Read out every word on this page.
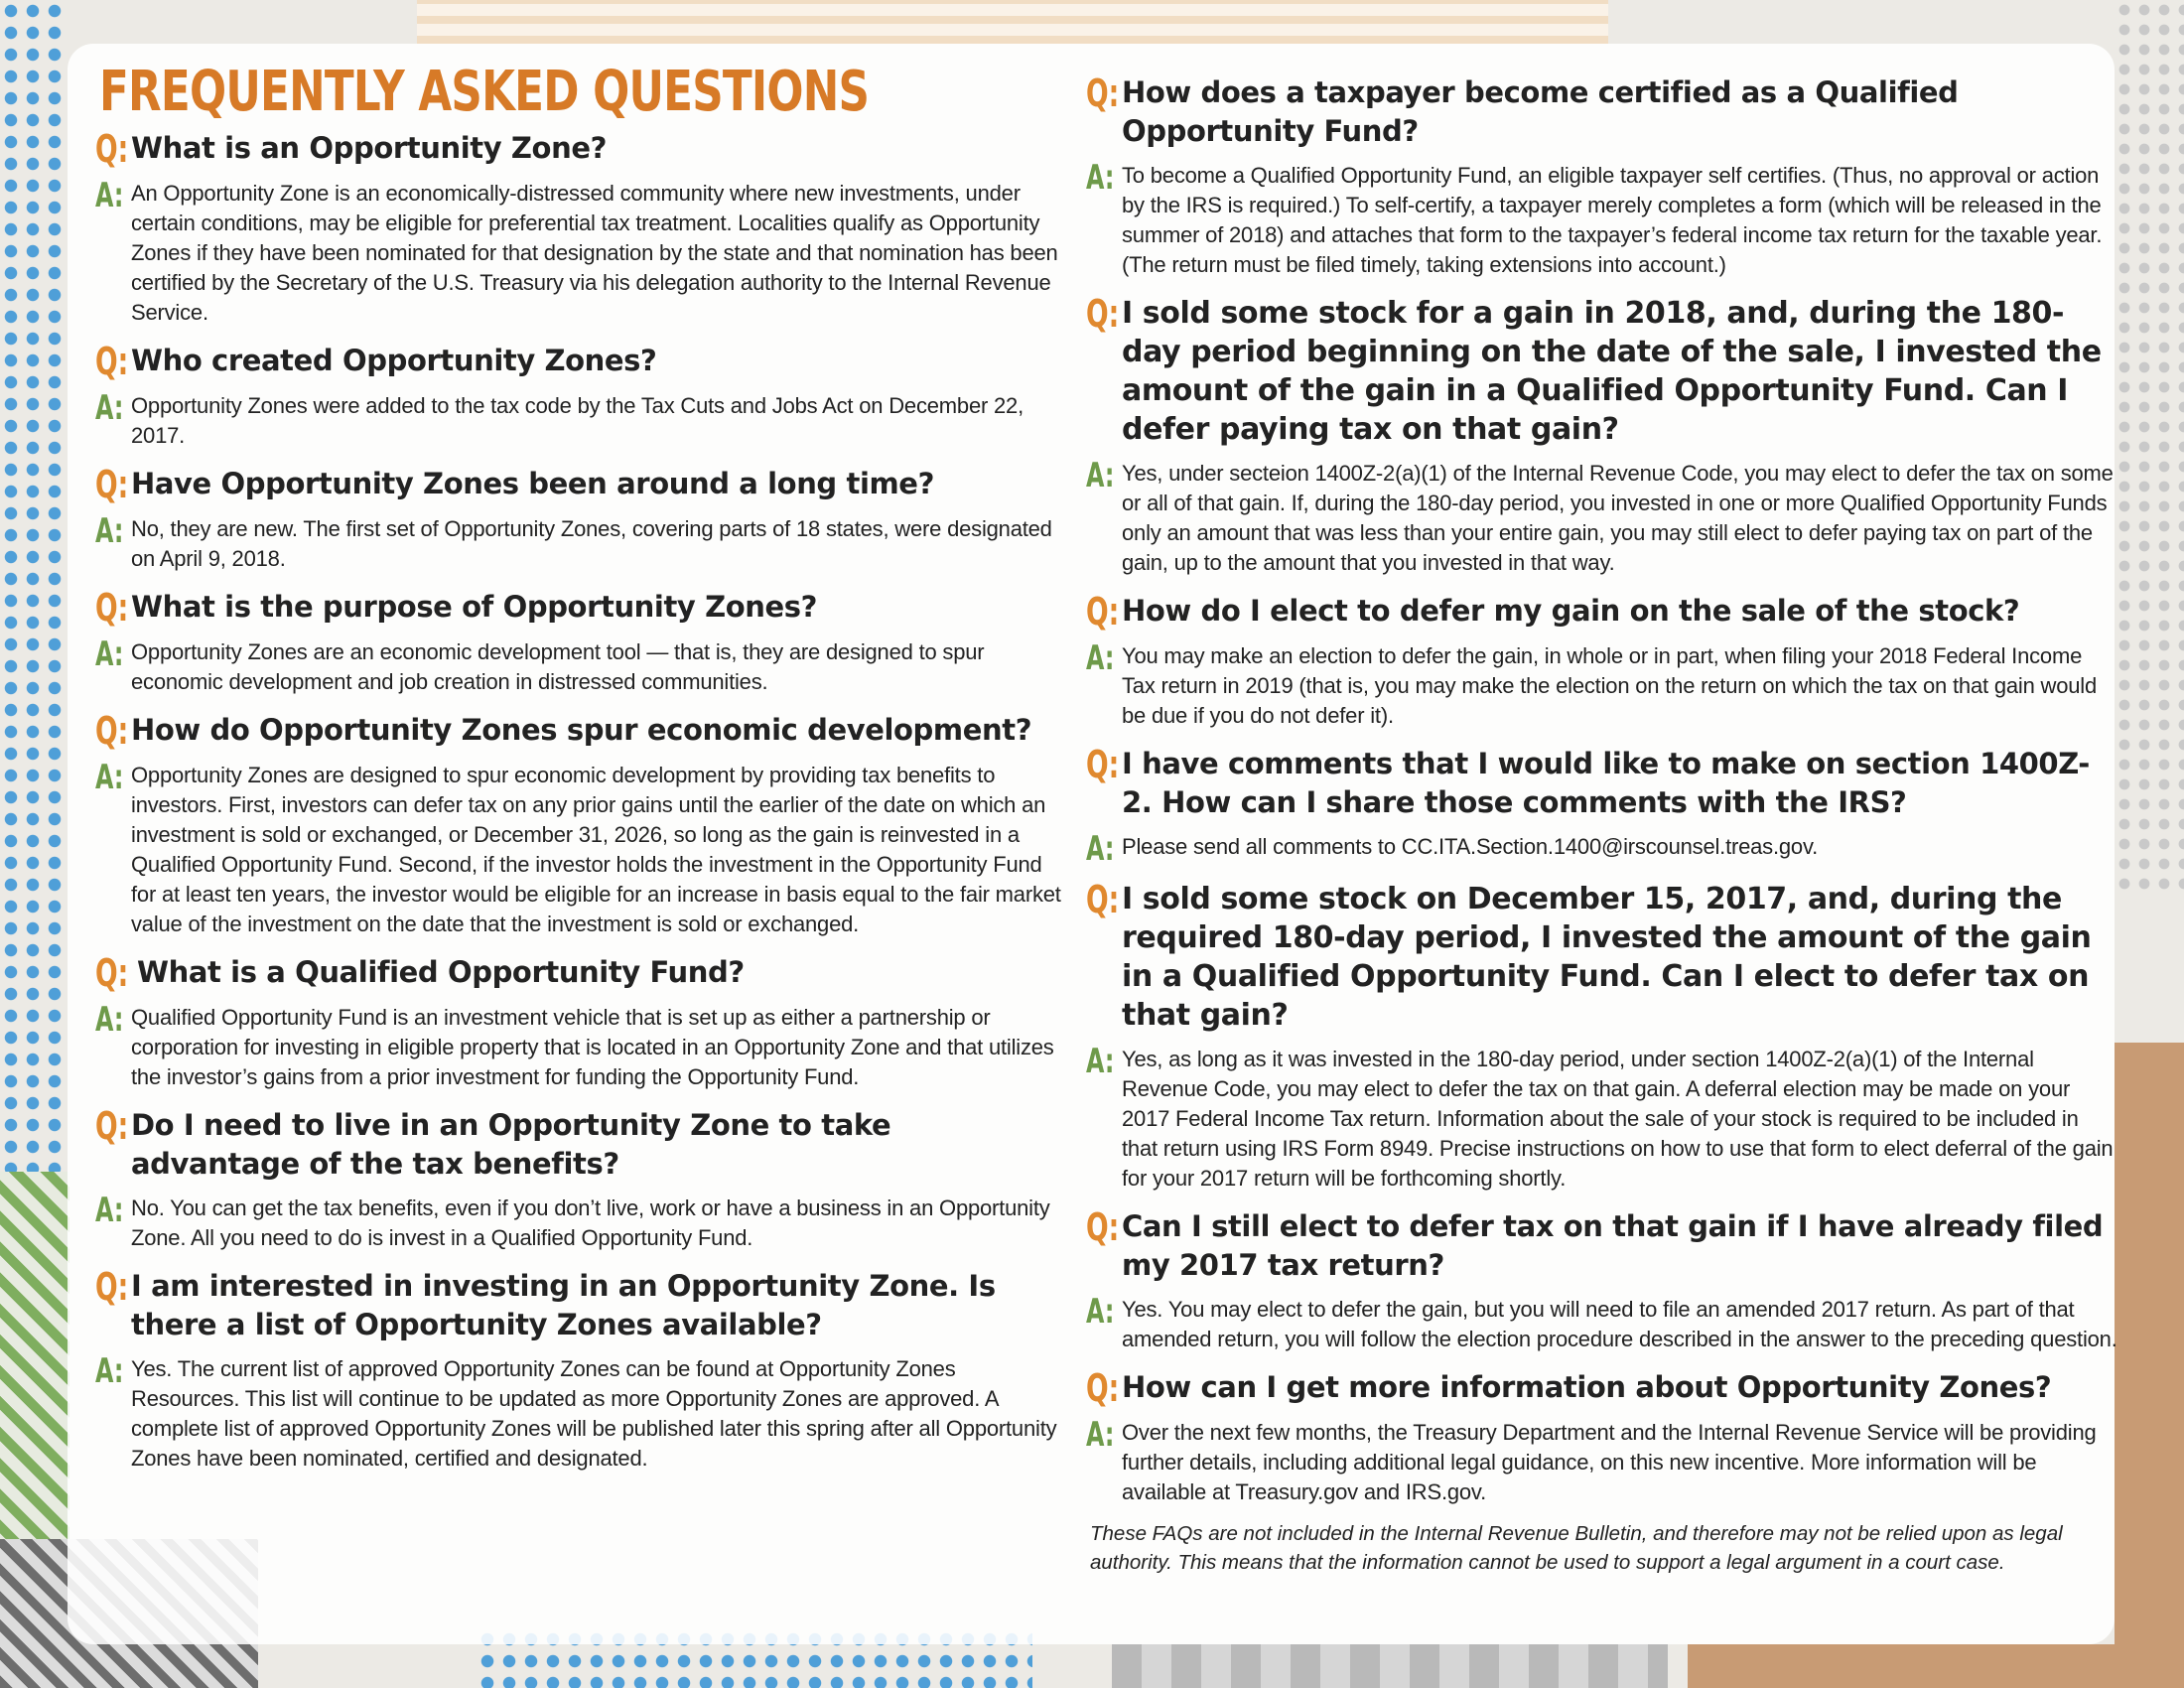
FREQUENTLY ASKED QUESTIONS
Q: What is an Opportunity Zone?
A: An Opportunity Zone is an economically-distressed community where new investments, under certain conditions, may be eligible for preferential tax treatment. Localities qualify as Opportunity Zones if they have been nominated for that designation by the state and that nomination has been certified by the Secretary of the U.S. Treasury via his delegation authority to the Internal Revenue Service.
Q: Who created Opportunity Zones?
A: Opportunity Zones were added to the tax code by the Tax Cuts and Jobs Act on December 22, 2017.
Q: Have Opportunity Zones been around a long time?
A: No, they are new. The first set of Opportunity Zones, covering parts of 18 states, were designated on April 9, 2018.
Q: What is the purpose of Opportunity Zones?
A: Opportunity Zones are an economic development tool — that is, they are designed to spur economic development and job creation in distressed communities.
Q: How do Opportunity Zones spur economic development?
A: Opportunity Zones are designed to spur economic development by providing tax benefits to investors. First, investors can defer tax on any prior gains until the earlier of the date on which an investment is sold or exchanged, or December 31, 2026, so long as the gain is reinvested in a Qualified Opportunity Fund. Second, if the investor holds the investment in the Opportunity Fund for at least ten years, the investor would be eligible for an increase in basis equal to the fair market value of the investment on the date that the investment is sold or exchanged.
Q: What is a Qualified Opportunity Fund?
A: Qualified Opportunity Fund is an investment vehicle that is set up as either a partnership or corporation for investing in eligible property that is located in an Opportunity Zone and that utilizes the investor’s gains from a prior investment for funding the Opportunity Fund.
Q: Do I need to live in an Opportunity Zone to take advantage of the tax benefits?
A: No. You can get the tax benefits, even if you don’t live, work or have a business in an Opportunity Zone. All you need to do is invest in a Qualified Opportunity Fund.
Q: I am interested in investing in an Opportunity Zone. Is there a list of Opportunity Zones available?
A: Yes. The current list of approved Opportunity Zones can be found at Opportunity Zones Resources. This list will continue to be updated as more Opportunity Zones are approved. A complete list of approved Opportunity Zones will be published later this spring after all Opportunity Zones have been nominated, certified and designated.
Q: How does a taxpayer become certified as a Qualified Opportunity Fund?
A: To become a Qualified Opportunity Fund, an eligible taxpayer self certifies. (Thus, no approval or action by the IRS is required.) To self-certify, a taxpayer merely completes a form (which will be released in the summer of 2018) and attaches that form to the taxpayer’s federal income tax return for the taxable year. (The return must be filed timely, taking extensions into account.)
Q: I sold some stock for a gain in 2018, and, during the 180-day period beginning on the date of the sale, I invested the amount of the gain in a Qualified Opportunity Fund. Can I defer paying tax on that gain?
A: Yes, under secteion 1400Z-2(a)(1) of the Internal Revenue Code, you may elect to defer the tax on some or all of that gain. If, during the 180-day period, you invested in one or more Qualified Opportunity Funds only an amount that was less than your entire gain, you may still elect to defer paying tax on part of the gain, up to the amount that you invested in that way.
Q: How do I elect to defer my gain on the sale of the stock?
A: You may make an election to defer the gain, in whole or in part, when filing your 2018 Federal Income Tax return in 2019 (that is, you may make the election on the return on which the tax on that gain would be due if you do not defer it).
Q: I have comments that I would like to make on section 1400Z-2. How can I share those comments with the IRS?
A: Please send all comments to CC.ITA.Section.1400@irscounsel.treas.gov.
Q: I sold some stock on December 15, 2017, and, during the required 180-day period, I invested the amount of the gain in a Qualified Opportunity Fund. Can I elect to defer tax on that gain?
A: Yes, as long as it was invested in the 180-day period, under section 1400Z-2(a)(1) of the Internal Revenue Code, you may elect to defer the tax on that gain. A deferral election may be made on your 2017 Federal Income Tax return. Information about the sale of your stock is required to be included in that return using IRS Form 8949. Precise instructions on how to use that form to elect deferral of the gain for your 2017 return will be forthcoming shortly.
Q: Can I still elect to defer tax on that gain if I have already filed my 2017 tax return?
A: Yes. You may elect to defer the gain, but you will need to file an amended 2017 return. As part of that amended return, you will follow the election procedure described in the answer to the preceding question.
Q: How can I get more information about Opportunity Zones?
A: Over the next few months, the Treasury Department and the Internal Revenue Service will be providing further details, including additional legal guidance, on this new incentive. More information will be available at Treasury.gov and IRS.gov.
These FAQs are not included in the Internal Revenue Bulletin, and therefore may not be relied upon as legal authority. This means that the information cannot be used to support a legal argument in a court case.
